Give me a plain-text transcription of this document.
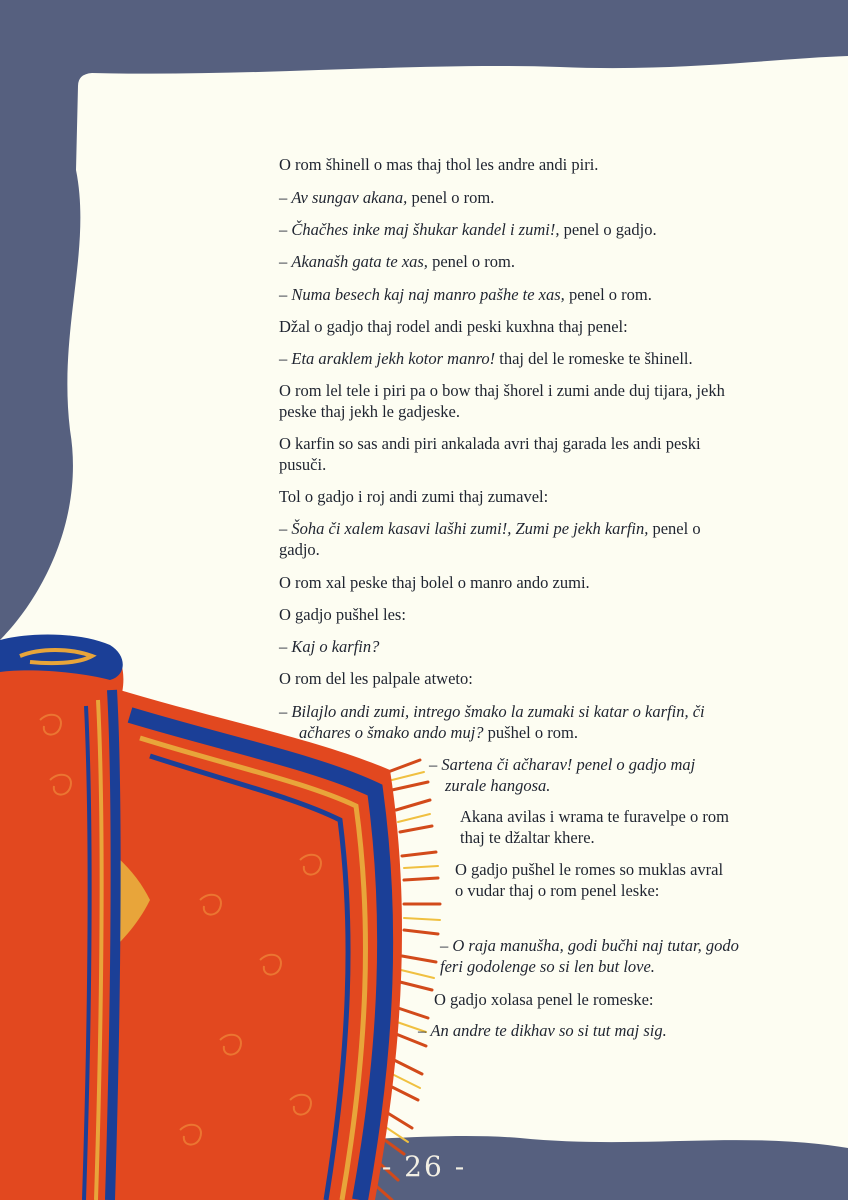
O rom šhinell o mas thaj thol les andre andi piri.

– Av sungav akana, penel o rom.

– Čhačhes inke maj šhukar kandel i zumi!, penel o gadjo.

– Akanašh gata te xas, penel o rom.

– Numa besech kaj naj manro pašhe te xas, penel o rom.

Džal o gadjo thaj rodel andi peski kuxhna thaj penel:

– Eta araklem jekh kotor manro! thaj del le romeske te šhinell.

O rom lel tele i piri pa o bow thaj šhorel i zumi ande duj tijara, jekh peske thaj jekh le gadjeske.

O karfin so sas andi piri ankalada avri thaj garada les andi peski pusuči.

Tol o gadjo i roj andi zumi thaj zumavel:

– Šoha či xalem kasavi lašhi zumi!, Zumi pe jekh karfin, penel o gadjo.

O rom xal peske thaj bolel o manro ando zumi.

O gadjo pušhel les:

– Kaj o karfin?

O rom del les palpale atweto:

– Bilajlo andi zumi, intrego šmako la zumaki si katar o karfin, či ačhares o šmako ando muj? pušhel o rom.

– Sartena či ačharav! penel o gadjo maj zurale hangosa.

Akana avilas i wrama te furavelpe o rom thaj te džaltar khere.

O gadjo pušhel le romes so muklas avral o vudar thaj o rom penel leske:

– O raja manušha, godi bučhi naj tutar, godo feri godolenge so si len but love.

O gadjo xolasa penel le romeske:

– An andre te dikhav so si tut maj sig.

- 26 -
